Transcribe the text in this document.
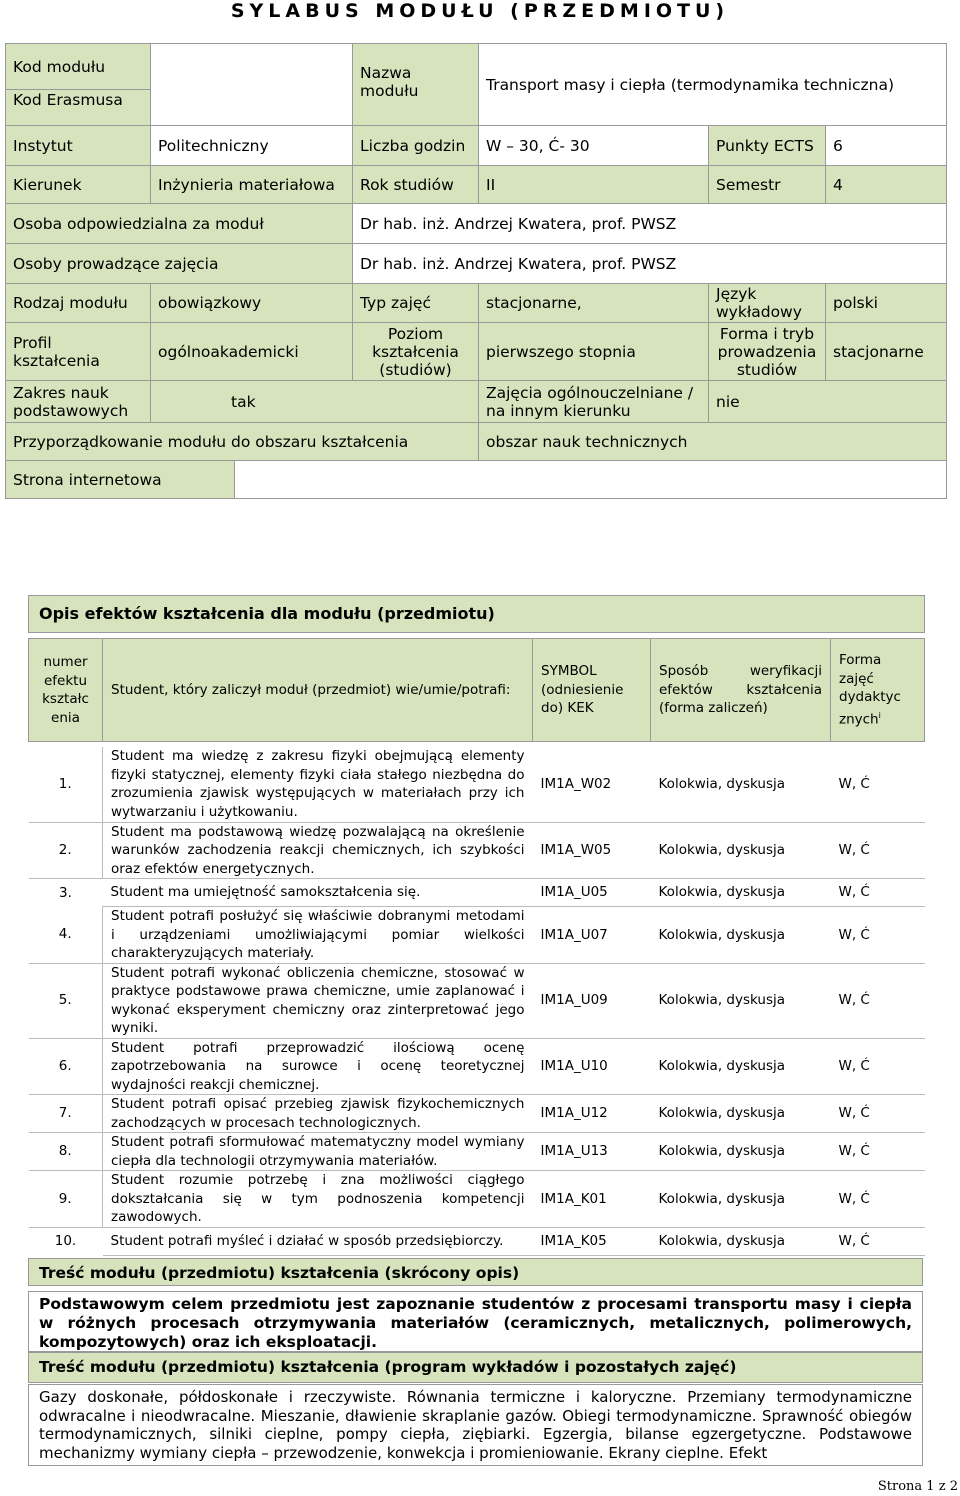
SYLABUS MODUŁU (PRZEDMIOTU)
Kod modułu			Nazwa modułu	Transport masy i ciepła (termodynamika techniczna)		
Kod Erasmusa						
Instytut	Politechniczny		Liczba godzin	W – 30, Ć- 30	Punkty ECTS	6
Kierunek	Inżynieria materiałowa		Rok studiów	II	Semestr	4
Osoba odpowiedzialna za moduł			Dr hab. inż. Andrzej Kwatera, prof. PWSZ			
Osoby prowadzące zajęcia			Dr hab. inż. Andrzej Kwatera, prof. PWSZ			
Rodzaj modułu	obowiązkowy		Typ zajęć	stacjonarne,	Język wykładowy	polski
Profil kształcenia	ogólnoakademicki		Poziom kształcenia (studiów)	pierwszego stopnia	Forma i tryb prowadzenia studiów	stacjonarne
Zakres nauk podstawowych	tak			Zajęcia ogólnouczelniane / na innym kierunku	nie	
Przyporządkowanie modułu do obszaru kształcenia				obszar nauk technicznych		
Strona internetowa						
Opis efektów kształcenia dla modułu (przedmiotu)				

numer efektu kształc enia	Student, który zaliczył moduł (przedmiot) wie/umie/potrafi:	SYMBOL (odniesienie do) KEK	Sposób weryfikacji efektów kształcenia (forma zaliczeń)	Forma zajęć dydaktyc znych$^i$

1.	Student ma wiedzę z zakresu fizyki obejmującą elementy fizyki statycznej, elementy fizyki ciała stałego niezbędna do zrozumienia zjawisk występujących w materiałach przy ich wytwarzaniu i użytkowaniu.	IM1A_W02	Kolokwia, dyskusja	W, Ć
2.	Student ma podstawową wiedzę pozwalającą na określenie warunków zachodzenia reakcji chemicznych, ich szybkości oraz efektów energetycznych.	IM1A_W05	Kolokwia, dyskusja	W, Ć
3.	Student ma umiejętność samokształcenia się.	IM1A_U05	Kolokwia, dyskusja	W, Ć
4.	Student potrafi posłużyć się właściwie dobranymi metodami i urządzeniami umożliwiającymi pomiar wielkości charakteryzujących materiały.	IM1A_U07	Kolokwia, dyskusja	W, Ć
5.	Student potrafi wykonać obliczenia chemiczne, stosować w praktyce podstawowe prawa chemiczne, umie zaplanować i wykonać eksperyment chemiczny oraz zinterpretować jego wyniki.	IM1A_U09	Kolokwia, dyskusja	W, Ć
6.	Student potrafi przeprowadzić ilościową ocenę zapotrzebowania na surowce i ocenę teoretycznej wydajności reakcji chemicznej.	IM1A_U10	Kolokwia, dyskusja	W, Ć
7.	Student potrafi opisać przebieg zjawisk fizykochemicznych zachodzących w procesach technologicznych.	IM1A_U12	Kolokwia, dyskusja	W, Ć
8.	Student potrafi sformułować matematyczny model wymiany ciepła dla technologii otrzymywania materiałów.	IM1A_U13	Kolokwia, dyskusja	W, Ć
9.	Student rozumie potrzebę i zna możliwości ciągłego dokształcania się w tym podnoszenia kompetencji zawodowych.	IM1A_K01	Kolokwia, dyskusja	W, Ć
10.	Student potrafi myśleć i działać w sposób przedsiębiorczy.	IM1A_K05	Kolokwia, dyskusja	W, Ć
Treść modułu (przedmiotu) kształcenia (skrócony opis)
Podstawowym celem przedmiotu jest zapoznanie studentów z procesami transportu masy i ciepła w różnych procesach otrzymywania materiałów (ceramicznych, metalicznych, polimerowych, kompozytowych) oraz ich eksploatacji.
Treść modułu (przedmiotu) kształcenia (program wykładów i pozostałych zajęć)
Gazy doskonałe, półdoskonałe i rzeczywiste. Równania termiczne i kaloryczne. Przemiany termodynamiczne odwracalne i nieodwracalne. Mieszanie, dławienie skraplanie gazów. Obiegi termodynamiczne. Sprawność obiegów termodynamicznych, silniki cieplne, pompy ciepła, ziębiarki. Egzergia, bilanse egzergetyczne. Podstawowe mechanizmy wymiany ciepła – przewodzenie, konwekcja i promieniowanie. Ekrany cieplne. Efekt
Strona 1 z 2
